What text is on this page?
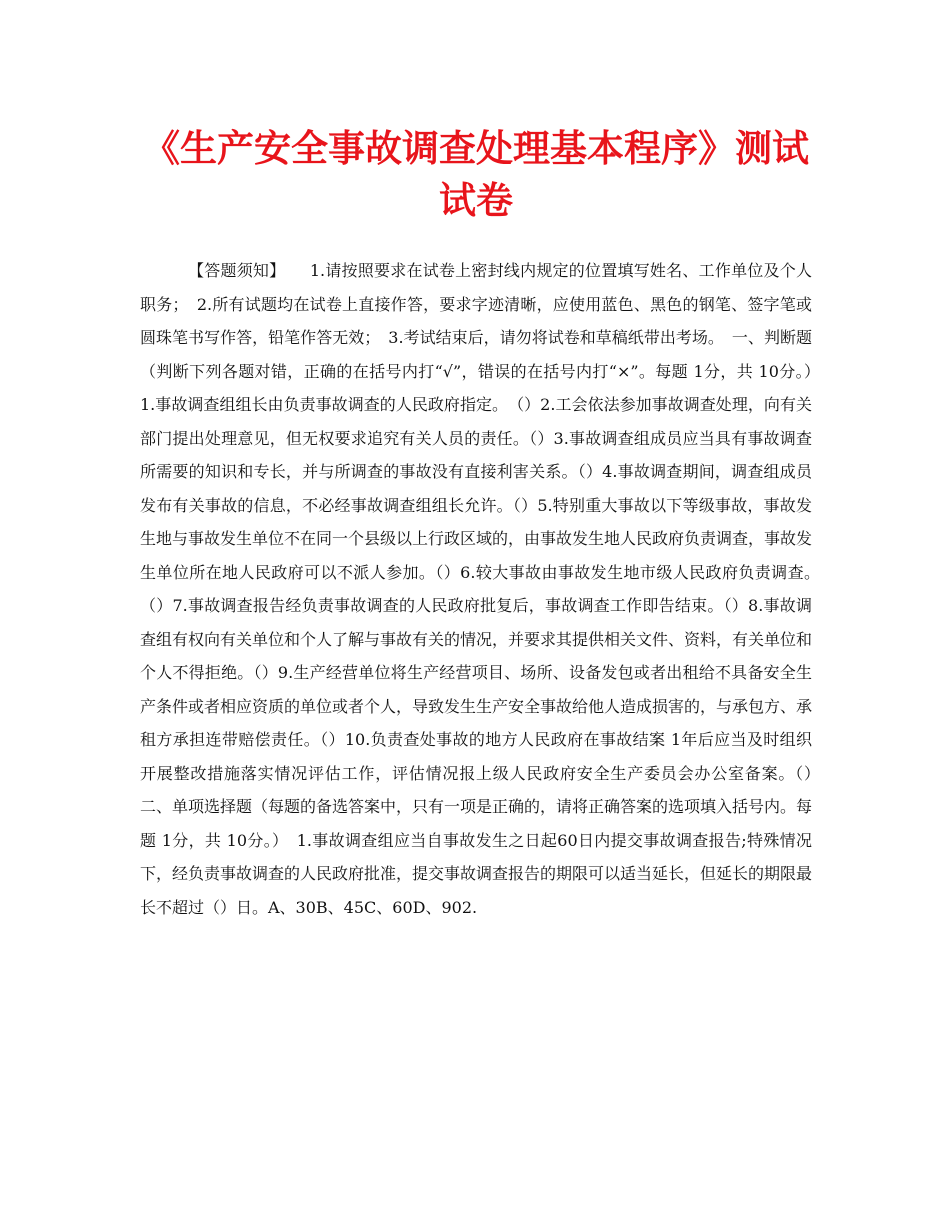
《生产安全事故调查处理基本程序》测试试卷

【答题须知】　　1.请按照要求在试卷上密封线内规定的位置填写姓名、工作单位及个人职务；　2.所有试题均在试卷上直接作答，要求字迹清晰，应使用蓝色、黑色的钢笔、签字笔或圆珠笔书写作答，铅笔作答无效；　3.考试结束后，请勿将试卷和草稿纸带出考场。　一、判断题（判断下列各题对错，正确的在括号内打“√”，错误的在括号内打“×”。每题 1分，共 10分。）　1.事故调查组组长由负责事故调查的人民政府指定。　（）2.工会依法参加事故调查处理，向有关部门提出处理意见，但无权要求追究有关人员的责任。（）3.事故调查组成员应当具有事故调查所需要的知识和专长，并与所调查的事故没有直接利害关系。（）4.事故调查期间，调查组成员发布有关事故的信息，不必经事故调查组组长允许。（）5.特别重大事故以下等级事故，事故发生地与事故发生单位不在同一个县级以上行政区域的，由事故发生地人民政府负责调查，事故发生单位所在地人民政府可以不派人参加。（）6.较大事故由事故发生地市级人民政府负责调查。　（）7.事故调查报告经负责事故调查的人民政府批复后，事故调查工作即告结束。（）8.事故调查组有权向有关单位和个人了解与事故有关的情况，并要求其提供相关文件、资料，有关单位和个人不得拒绝。（）9.生产经营单位将生产经营项目、场所、设备发包或者出租给不具备安全生产条件或者相应资质的单位或者个人，导致发生生产安全事故给他人造成损害的，与承包方、承租方承担连带赔偿责任。（）10.负责查处事故的地方人民政府在事故结案 1年后应当及时组织开展整改措施落实情况评估工作，评估情况报上级人民政府安全生产委员会办公室备案。（）　二、单项选择题（每题的备选答案中，只有一项是正确的，请将正确答案的选项填入括号内。每题 1分，共 10分。）　1.事故调查组应当自事故发生之日起60日内提交事故调查报告;特殊情况下，经负责事故调查的人民政府批准，提交事故调查报告的期限可以适当延长，但延长的期限最长不超过（）日。A、30B、45C、60D、902.
